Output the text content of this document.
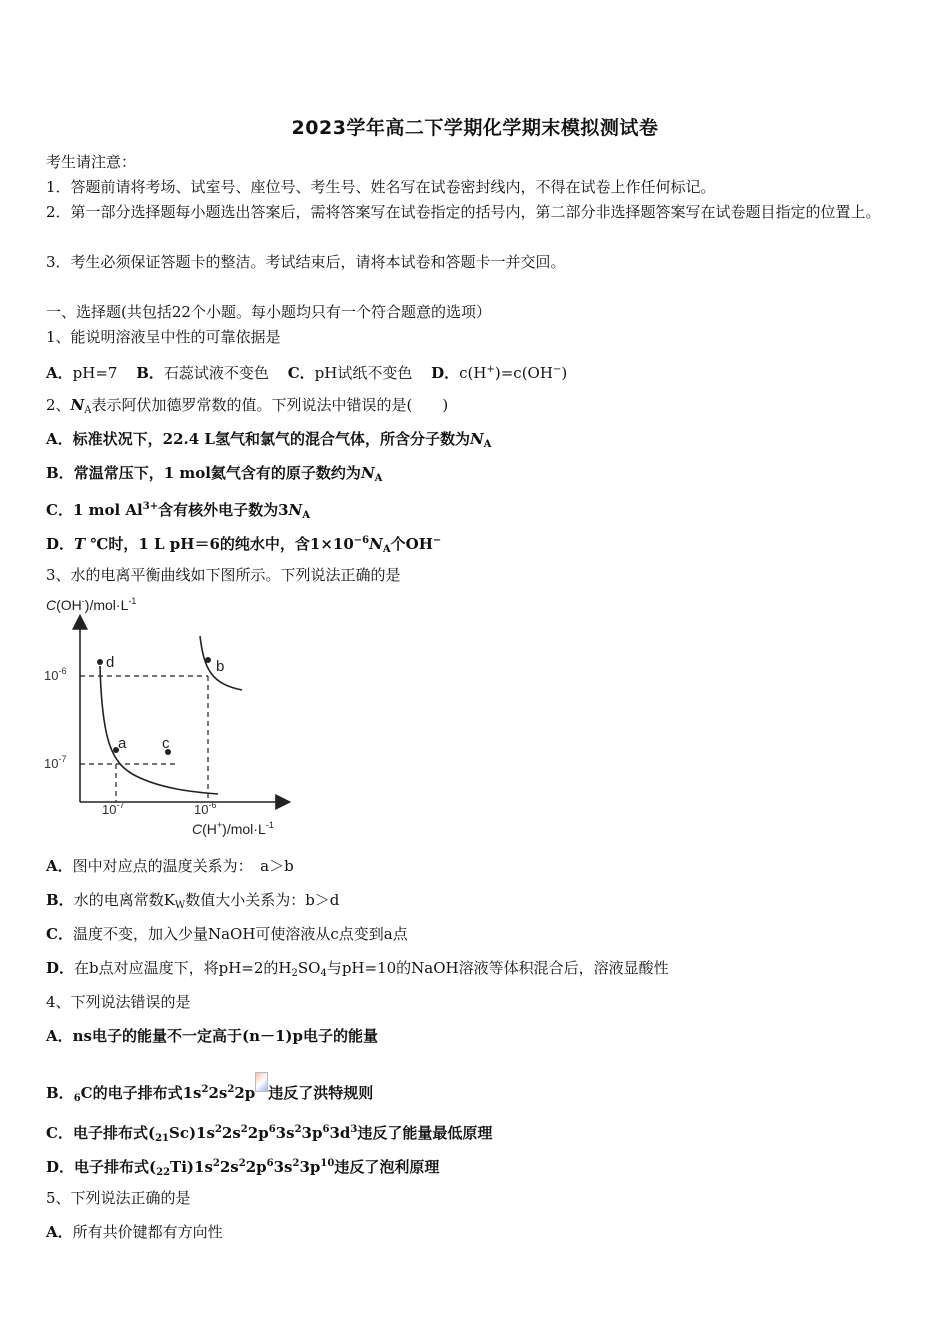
2023学年高二下学期化学期末模拟测试卷
考生请注意：
1．答题前请将考场、试室号、座位号、考生号、姓名写在试卷密封线内，不得在试卷上作任何标记。
2．第一部分选择题每小题选出答案后，需将答案写在试卷指定的括号内，第二部分非选择题答案写在试卷题目指定的位置上。
3．考生必须保证答题卡的整洁。考试结束后，请将本试卷和答题卡一并交回。
一、选择题(共包括22个小题。每小题均只有一个符合题意的选项）
1、能说明溶液呈中性的可靠依据是
A．pH=7 B．石蕊试液不变色 C．pH试纸不变色 D．c(H+)=c(OH−)
2、$N_A$表示阿伏加德罗常数的值。下列说法中错误的是(　　)
A．标准状况下，22.4 L氢气和氯气的混合气体，所含分子数为$N_A$
B．常温常压下，1 mol氦气含有的原子数约为$N_A$
C．1 mol $Al^{3+}$含有核外电子数为$3N_A$
D．T ℃时，1 L pH＝6的纯水中，含$1\times 10^{-6}N_A$个OH−
3、水的电离平衡曲线如下图所示。下列说法正确的是
$C(OH^-)/mol\cdot L^{-1}$
$C(H^+)/mol\cdot L^{-1}$
$10^{-6}$
$10^{-7}$
$10^{-7}$	$10^{-6}$
d	b
a c
A．图中对应点的温度关系为：　a＞b
B．水的电离常数$K_W$数值大小关系为：b＞d
C．温度不变，加入少量NaOH可使溶液从c点变到a点
D．在b点对应温度下，将pH=2的$H_2SO_4$与pH=10的NaOH溶液等体积混合后，溶液显酸性
4、下列说法错误的是
A．ns电子的能量不一定高于(n－1)p电子的能量
B．$_6$C的电子排布式$1s^22s^22p$ 违反了洪特规则
C．电子排布式$(_{21}Sc)1s^22s^22p^63s^23p^63d^3$违反了能量最低原理
D．电子排布式$(_{22}Ti)1s^22s^22p^63s^23p^{10}$违反了泡利原理
5、下列说法正确的是
A．所有共价键都有方向性
